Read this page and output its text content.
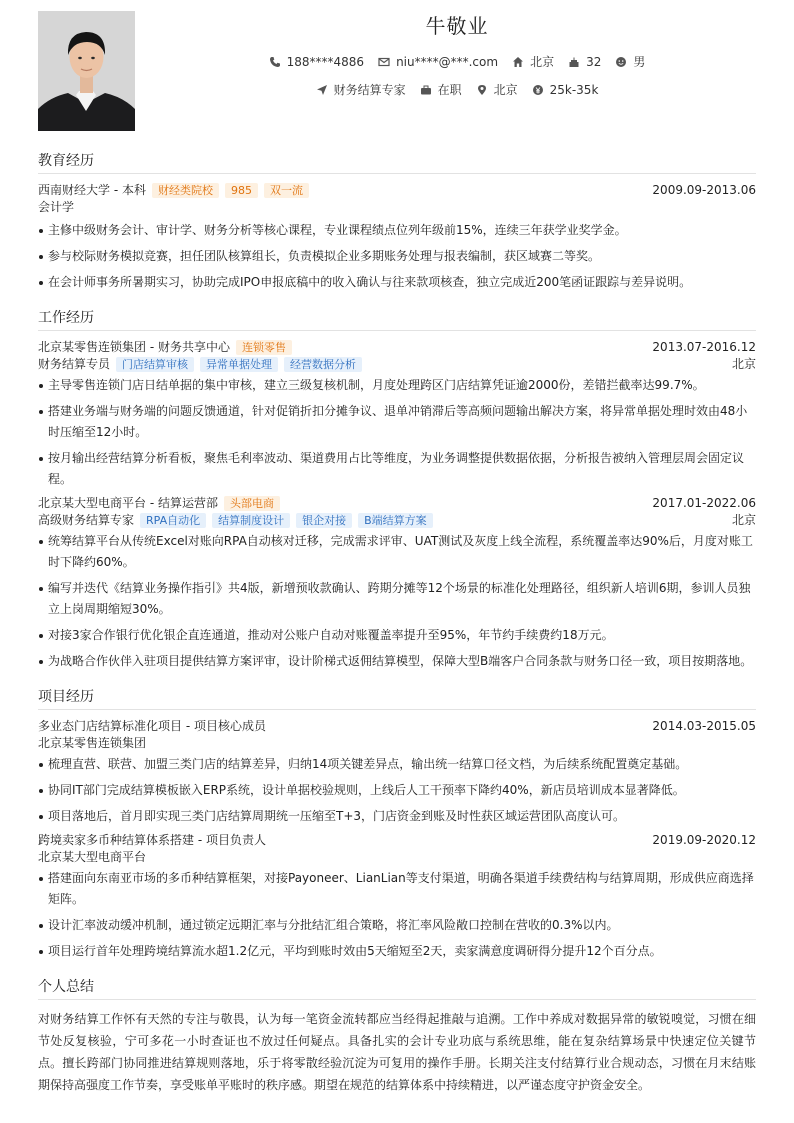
牛敬业
188****4886	niu****@***.com	北京	32	男
财务结算专家	在职	北京	25k-35k
教育经历
西南财经大学 - 本科	财经类院校	985	双一流	2009.09-2013.06
会计学
主修中级财务会计、审计学、财务分析等核心课程，专业课程绩点位列年级前15%，连续三年获学业奖学金。
参与校际财务模拟竞赛，担任团队核算组长，负责模拟企业多期账务处理与报表编制，获区域赛二等奖。
在会计师事务所暑期实习，协助完成IPO申报底稿中的收入确认与往来款项核查，独立完成近200笔函证跟踪与差异说明。
工作经历
北京某零售连锁集团 - 财务共享中心	连锁零售	2013.07-2016.12
财务结算专员	门店结算审核	异常单据处理	经营数据分析	北京
主导零售连锁门店日结单据的集中审核，建立三级复核机制，月度处理跨区门店结算凭证逾2000份，差错拦截率达99.7%。
搭建业务端与财务端的问题反馈通道，针对促销折扣分摊争议、退单冲销滞后等高频问题输出解决方案，将异常单据处理时效由48小时压缩至12小时。
按月输出经营结算分析看板，聚焦毛利率波动、渠道费用占比等维度，为业务调整提供数据依据，分析报告被纳入管理层周会固定议程。
北京某大型电商平台 - 结算运营部	头部电商	2017.01-2022.06
高级财务结算专家	RPA自动化	结算制度设计	银企对接	B端结算方案	北京
统筹结算平台从传统Excel对账向RPA自动核对迁移，完成需求评审、UAT测试及灰度上线全流程，系统覆盖率达90%后，月度对账工时下降约60%。
编写并迭代《结算业务操作指引》共4版，新增预收款确认、跨期分摊等12个场景的标准化处理路径，组织新人培训6期，参训人员独立上岗周期缩短30%。
对接3家合作银行优化银企直连通道，推动对公账户自动对账覆盖率提升至95%，年节约手续费约18万元。
为战略合作伙伴入驻项目提供结算方案评审，设计阶梯式返佣结算模型，保障大型B端客户合同条款与财务口径一致，项目按期落地。
项目经历
多业态门店结算标准化项目 - 项目核心成员	2014.03-2015.05
北京某零售连锁集团
梳理直营、联营、加盟三类门店的结算差异，归纳14项关键差异点，输出统一结算口径文档，为后续系统配置奠定基础。
协同IT部门完成结算模板嵌入ERP系统，设计单据校验规则，上线后人工干预率下降约40%，新店员培训成本显著降低。
项目落地后，首月即实现三类门店结算周期统一压缩至T+3，门店资金到账及时性获区域运营团队高度认可。
跨境卖家多币种结算体系搭建 - 项目负责人	2019.09-2020.12
北京某大型电商平台
搭建面向东南亚市场的多币种结算框架，对接Payoneer、LianLian等支付渠道，明确各渠道手续费结构与结算周期，形成供应商选择矩阵。
设计汇率波动缓冲机制，通过锁定远期汇率与分批结汇组合策略，将汇率风险敞口控制在营收的0.3%以内。
项目运行首年处理跨境结算流水超1.2亿元，平均到账时效由5天缩短至2天，卖家满意度调研得分提升12个百分点。
个人总结

对财务结算工作怀有天然的专注与敬畏，认为每一笔资金流转都应当经得起推敲与追溯。工作中养成对数据异常的敏锐嗅觉，习惯在细节处反复核验，宁可多花一小时查证也不放过任何疑点。具备扎实的会计专业功底与系统思维，能在复杂结算场景中快速定位关键节点。擅长跨部门协同推进结算规则落地，乐于将零散经验沉淀为可复用的操作手册。长期关注支付结算行业合规动态，习惯在月末结账期保持高强度工作节奏，享受账单平账时的秩序感。期望在规范的结算体系中持续精进，以严谨态度守护资金安全。
